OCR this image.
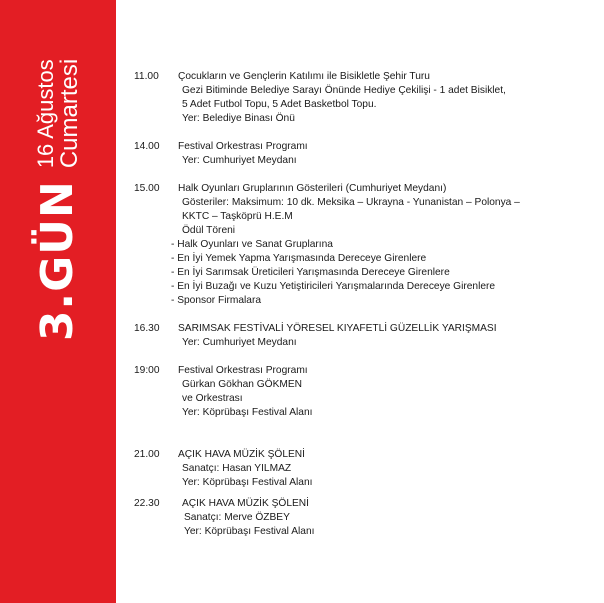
3.GÜN
16 Ağustos
Cumartesi	11.00	Çocukların ve Gençlerin Katılımı ile Bisikletle Şehir Turu
Gezi Bitiminde Belediye Sarayı Önünde Hediye Çekilişi - 1 adet Bisiklet,
5 Adet Futbol Topu, 5 Adet Basketbol Topu.
Yer: Belediye Binası Önü
14.00	Festival Orkestrası Programı
Yer: Cumhuriyet Meydanı
15.00	Halk Oyunları Gruplarının Gösterileri (Cumhuriyet Meydanı)
Gösteriler: Maksimum: 10 dk. Meksika – Ukrayna - Yunanistan – Polonya –
KKTC – Taşköprü H.E.M
Ödül Töreni
- Halk Oyunları ve Sanat Gruplarına
- En İyi Yemek Yapma Yarışmasında Dereceye Girenlere
- En İyi Sarımsak Üreticileri Yarışmasında Dereceye Girenlere
- En İyi Buzağı ve Kuzu Yetiştiricileri Yarışmalarında Dereceye Girenlere
- Sponsor Firmalara
16.30	SARIMSAK FESTİVALİ YÖRESEL KIYAFETLİ GÜZELLİK YARIŞMASI
Yer: Cumhuriyet Meydanı
19:00	Festival Orkestrası Programı
Gürkan Gökhan GÖKMEN
ve Orkestrası
Yer: Köprübaşı Festival Alanı
21.00	AÇIK HAVA MÜZİK ŞÖLENİ
Sanatçı: Hasan YILMAZ
Yer: Köprübaşı Festival Alanı
22.30	AÇIK HAVA MÜZİK ŞÖLENİ
Sanatçı: Merve ÖZBEY
Yer: Köprübaşı Festival Alanı
